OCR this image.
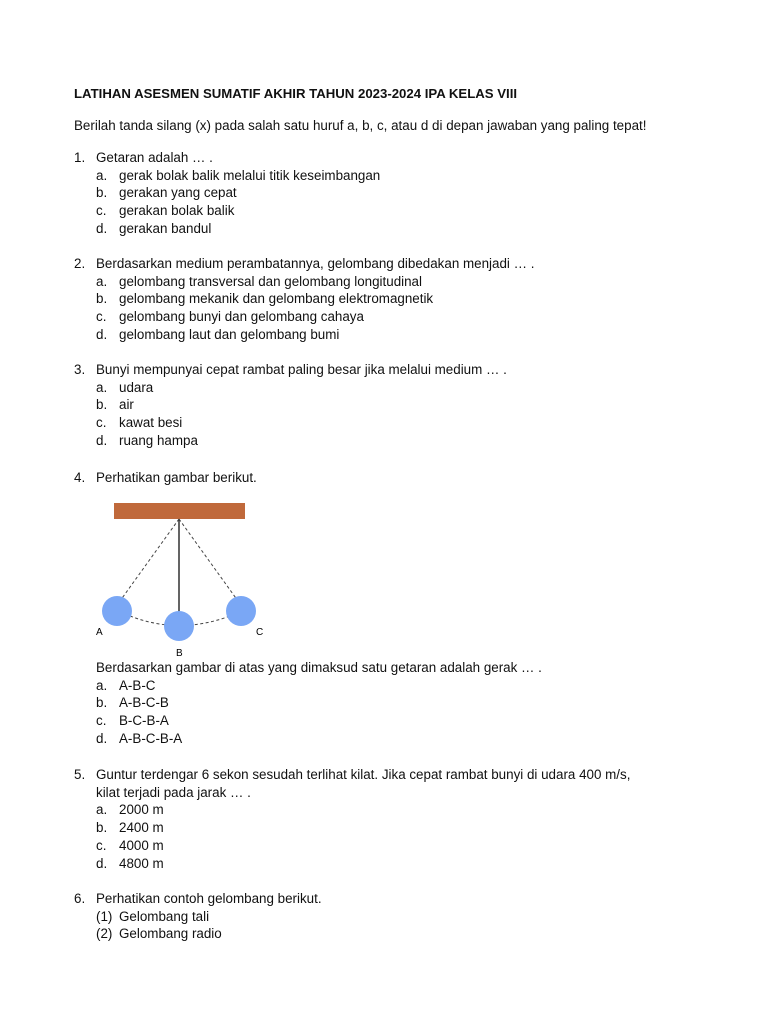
LATIHAN ASESMEN SUMATIF AKHIR TAHUN 2023-2024 IPA KELAS VIII
Berilah tanda silang (x) pada salah satu huruf a, b, c, atau d di depan jawaban yang paling tepat!
1. Getaran adalah … .
a. gerak bolak balik melalui titik keseimbangan
b. gerakan yang cepat
c. gerakan bolak balik
d. gerakan bandul
2. Berdasarkan medium perambatannya, gelombang dibedakan menjadi … .
a. gelombang transversal dan gelombang longitudinal
b. gelombang mekanik dan gelombang elektromagnetik
c. gelombang bunyi dan gelombang cahaya
d. gelombang laut dan gelombang bumi
3. Bunyi mempunyai cepat rambat paling besar jika melalui medium … .
a. udara
b. air
c. kawat besi
d. ruang hampa
4. Perhatikan gambar berikut.
A
B
C
Berdasarkan gambar di atas yang dimaksud satu getaran adalah gerak … .
a. A-B-C
b. A-B-C-B
c. B-C-B-A
d. A-B-C-B-A
5. Guntur terdengar 6 sekon sesudah terlihat kilat. Jika cepat rambat bunyi di udara 400 m/s,
kilat terjadi pada jarak … .
a. 2000 m
b. 2400 m
c. 4000 m
d. 4800 m
6. Perhatikan contoh gelombang berikut.
(1) Gelombang tali
(2) Gelombang radio
